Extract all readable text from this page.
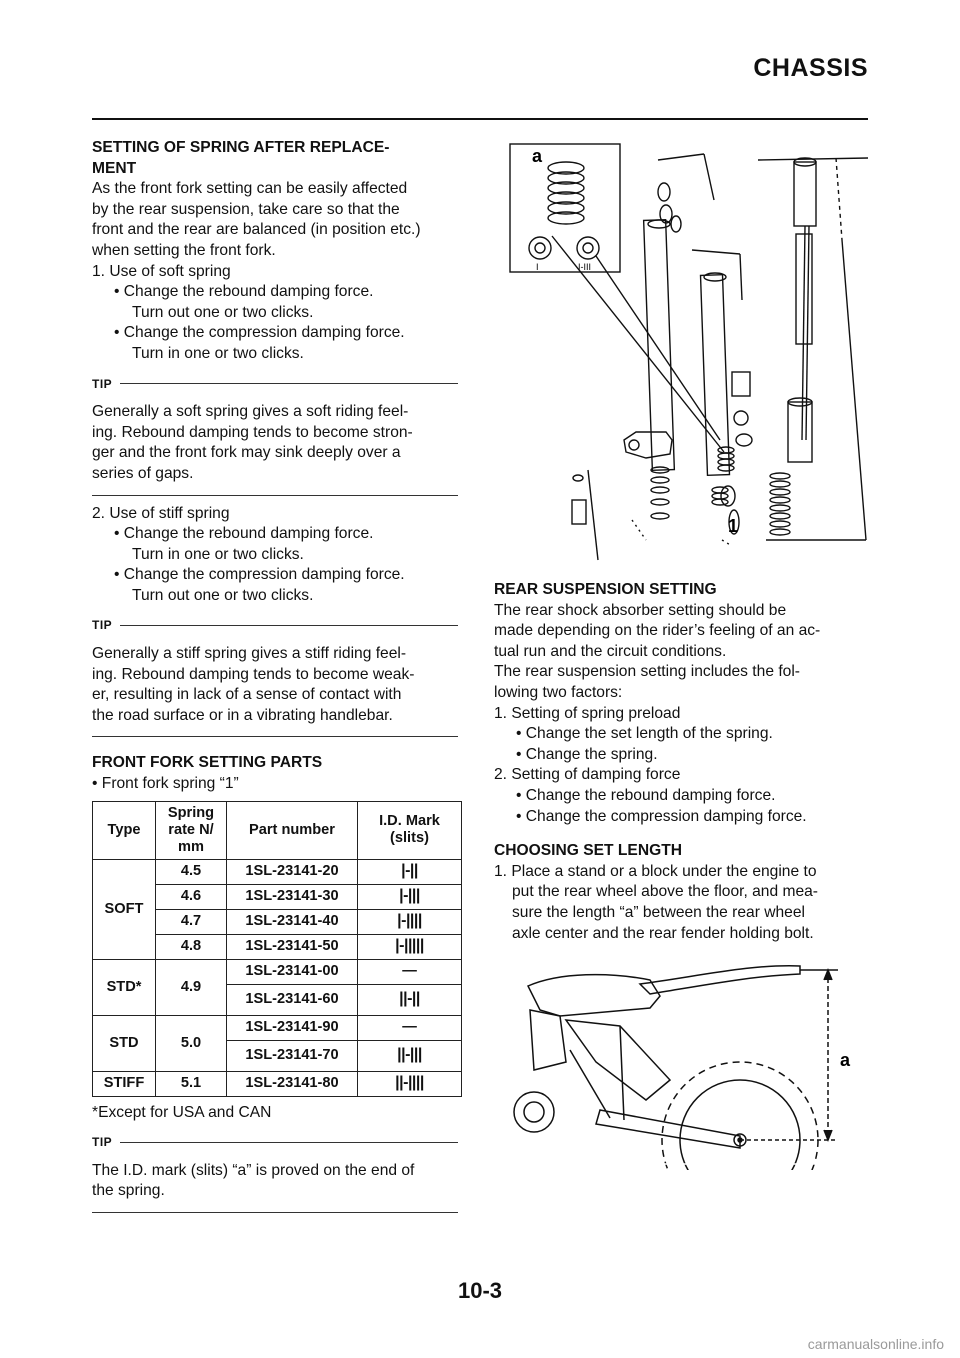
CHASSIS

SETTING OF SPRING AFTER REPLACE-

MENT

As the front fork setting can be easily affected

by the rear suspension, take care so that the

front and the rear are balanced (in position etc.)

when setting the front fork.

1. Use of soft spring

• Change the rebound damping force.

Turn out one or two clicks.

• Change the compression damping force.

Turn in one or two clicks.

TIP

Generally a soft spring gives a soft riding feel-

ing. Rebound damping tends to become stron-

ger and the front fork may sink deeply over a

series of gaps.

2. Use of stiff spring

• Change the rebound damping force.

Turn in one or two clicks.

• Change the compression damping force.

Turn out one or two clicks.

TIP

Generally a stiff spring gives a stiff riding feel-

ing. Rebound damping tends to become weak-

er, resulting in lack of a sense of contact with

the road surface or in a vibrating handlebar.

FRONT FORK SETTING PARTS

• Front fork spring “1”

Type	Spring rate N/ mm	Part number	I.D. Mark (slits)
SOFT	4.5	1SL-23141-20	|-||
	4.6	1SL-23141-30	|-|||
	4.7	1SL-23141-40	|-||||
	4.8	1SL-23141-50	|-|||||
STD*	4.9	1SL-23141-00	—
		1SL-23141-60	||-||
STD	5.0	1SL-23141-90	—
		1SL-23141-70	||-|||
STIFF	5.1	1SL-23141-80	||-||||

*Except for USA and CAN

TIP

The I.D. mark (slits) “a” is proved on the end of

the spring.

a
1
I	I-III

REAR SUSPENSION SETTING

The rear shock absorber setting should be

made depending on the rider’s feeling of an ac-

tual run and the circuit conditions.

The rear suspension setting includes the fol-

lowing two factors:

1. Setting of spring preload

• Change the set length of the spring.

• Change the spring.

2. Setting of damping force

• Change the rebound damping force.

• Change the compression damping force.

CHOOSING SET LENGTH

1. Place a stand or a block under the engine to

put the rear wheel above the floor, and mea-

sure the length “a” between the rear wheel

axle center and the rear fender holding bolt.

a
10-3
carmanualsonline.info
